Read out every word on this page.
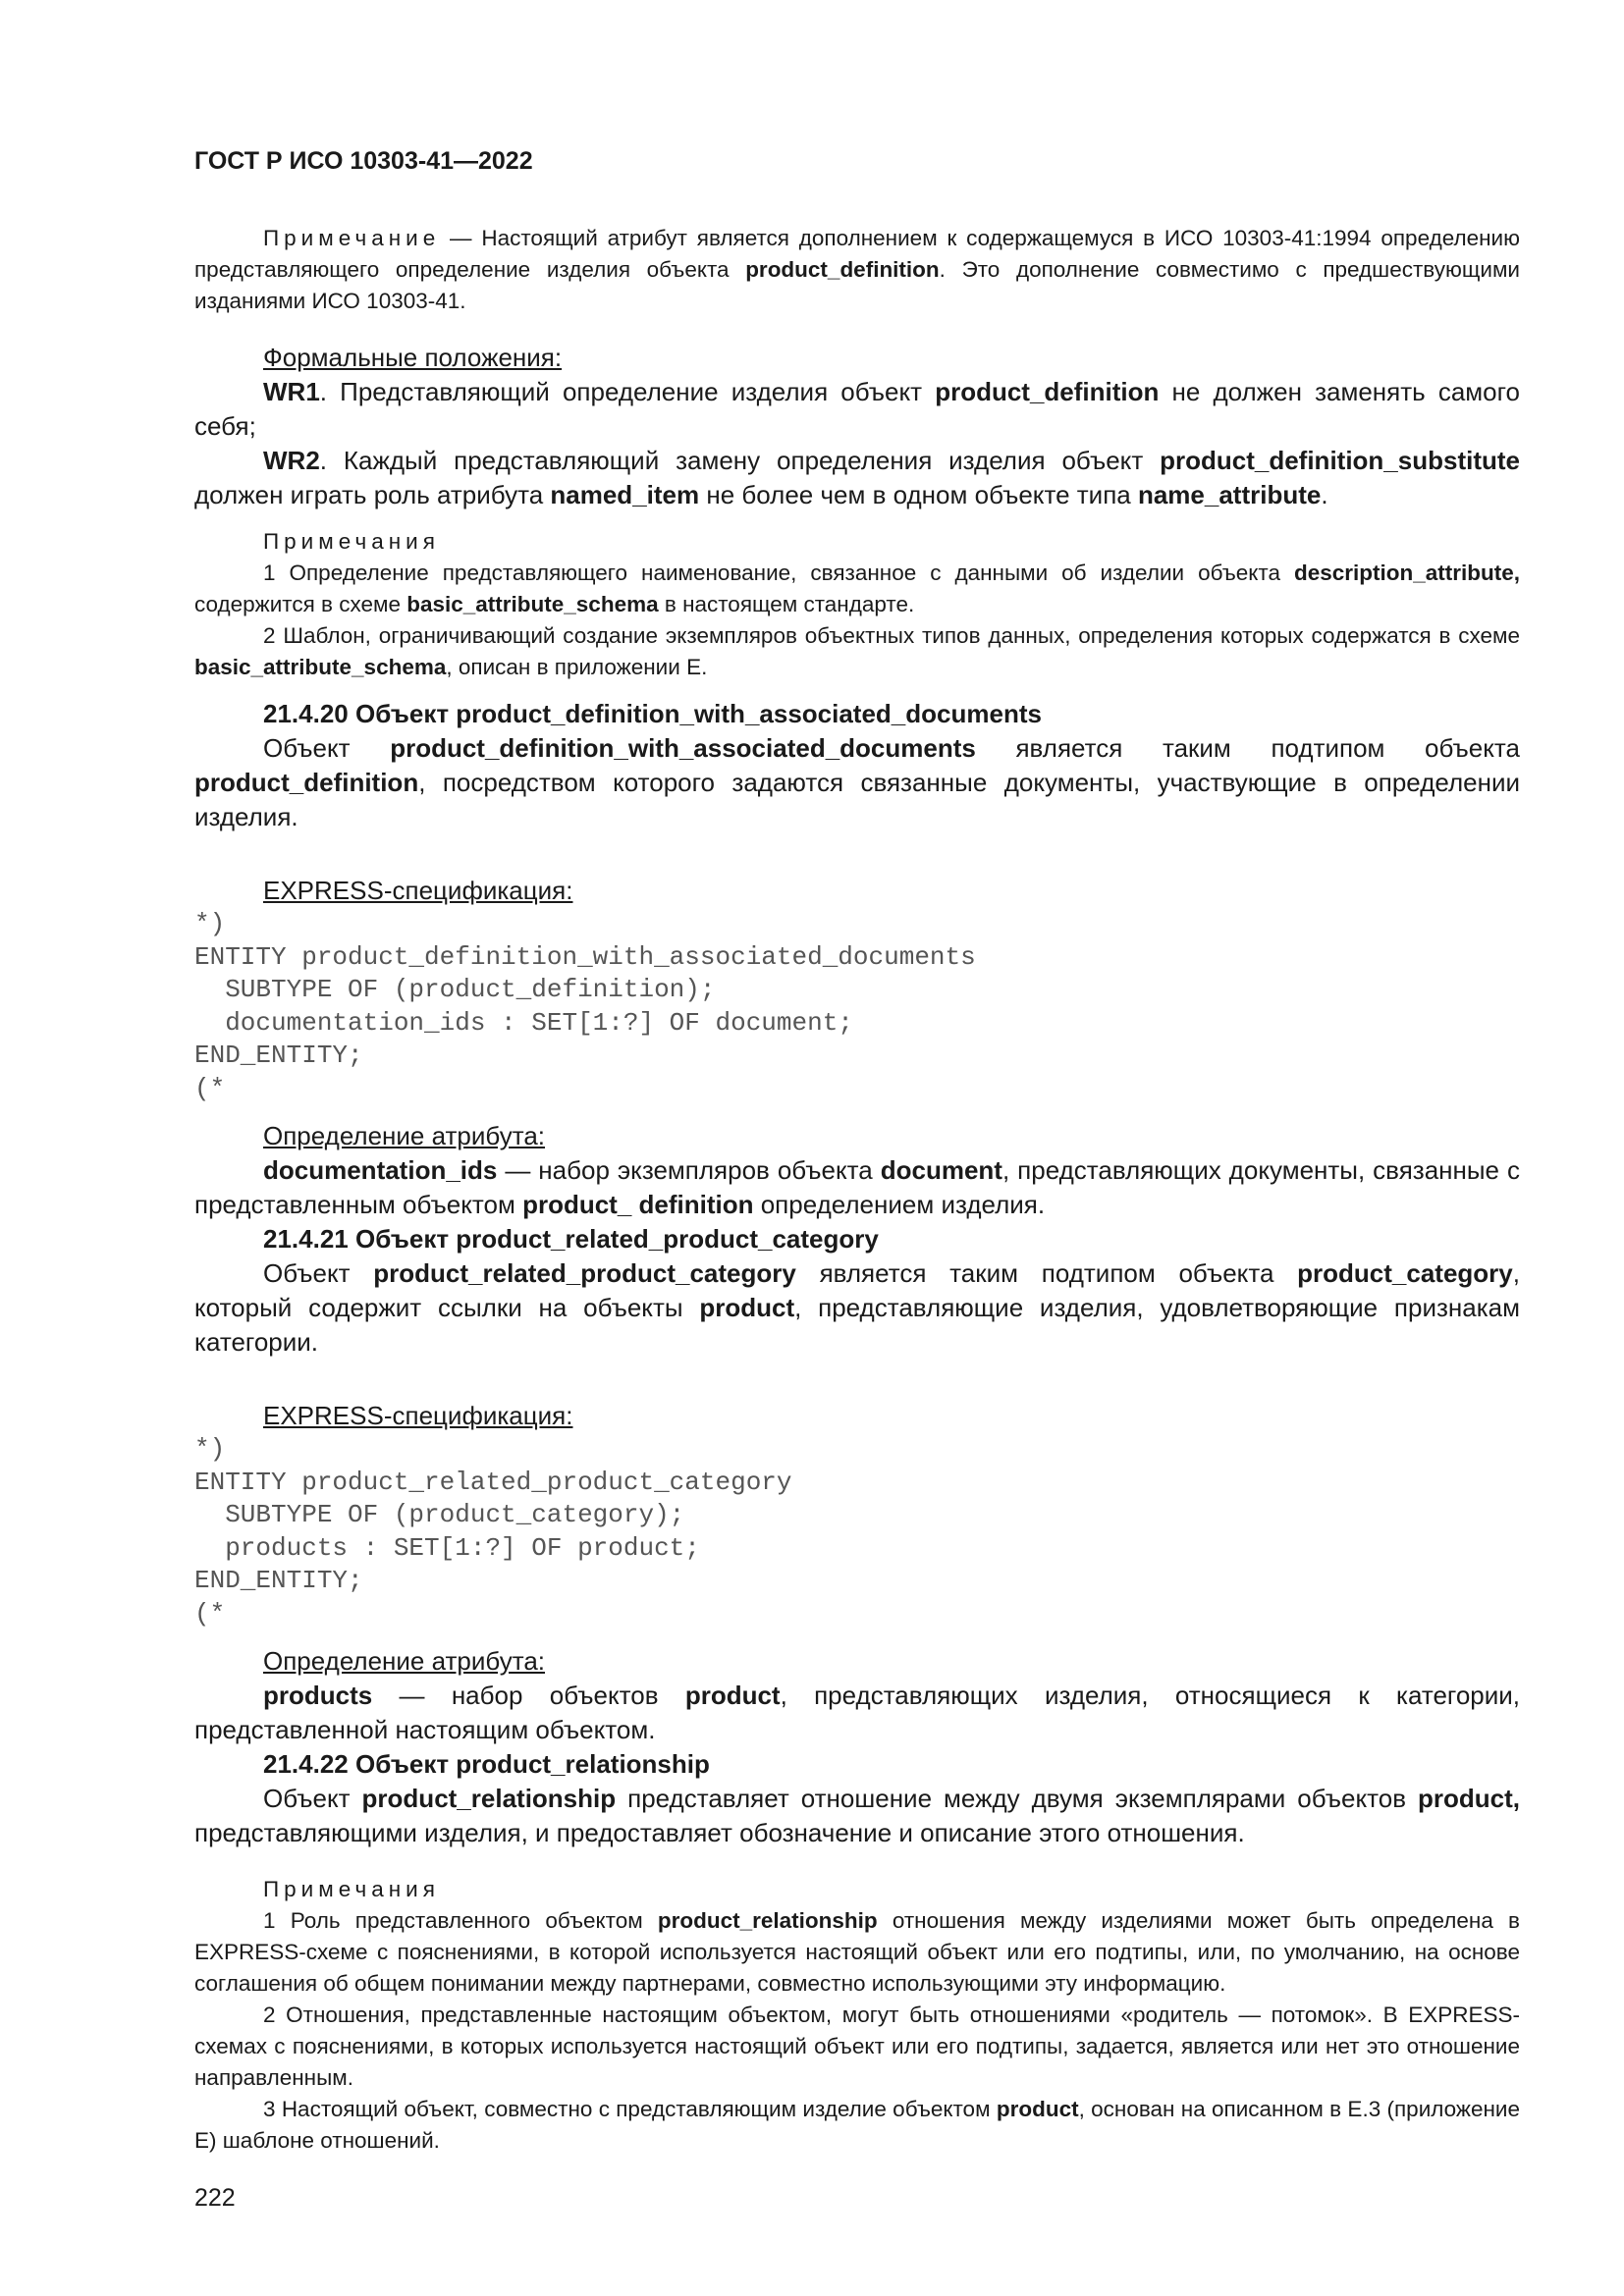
ГОСТ Р ИСО 10303-41—2022

Примечание — Настоящий атрибут является дополнением к содержащемуся в ИСО 10303-41:1994 определению представляющего определение изделия объекта product_definition. Это дополнение совместимо с предшествующими изданиями ИСО 10303-41.

Формальные положения:

WR1. Представляющий определение изделия объект product_definition не должен заменять самого себя;

WR2. Каждый представляющий замену определения изделия объект product_definition_substitute должен играть роль атрибута named_item не более чем в одном объекте типа name_attribute.

Примечания

1 Определение представляющего наименование, связанное с данными об изделии объекта description_attribute, содержится в схеме basic_attribute_schema в настоящем стандарте.

2 Шаблон, ограничивающий создание экземпляров объектных типов данных, определения которых содержатся в схеме basic_attribute_schema, описан в приложении E.

21.4.20 Объект product_definition_with_associated_documents

Объект product_definition_with_associated_documents является таким подтипом объекта product_definition, посредством которого задаются связанные документы, участвующие в определении изделия.

EXPRESS-спецификация:

*)

ENTITY product_definition_with_associated_documents

SUBTYPE OF (product_definition);

documentation_ids : SET[1:?] OF document;

END_ENTITY;

(*

Определение атрибута:

documentation_ids — набор экземпляров объекта document, представляющих документы, связанные с представленным объектом product_ definition определением изделия.

21.4.21 Объект product_related_product_category

Объект product_related_product_category является таким подтипом объекта product_category, который содержит ссылки на объекты product, представляющие изделия, удовлетворяющие признакам категории.

EXPRESS-спецификация:

*)

ENTITY product_related_product_category

SUBTYPE OF (product_category);

products : SET[1:?] OF product;

END_ENTITY;

(*

Определение атрибута:

products — набор объектов product, представляющих изделия, относящиеся к категории, представленной настоящим объектом.

21.4.22 Объект product_relationship

Объект product_relationship представляет отношение между двумя экземплярами объектов product, представляющими изделия, и предоставляет обозначение и описание этого отношения.

Примечания

1 Роль представленного объектом product_relationship отношения между изделиями может быть определена в EXPRESS-схеме с пояснениями, в которой используется настоящий объект или его подтипы, или, по умолчанию, на основе соглашения об общем понимании между партнерами, совместно использующими эту информацию.

2 Отношения, представленные настоящим объектом, могут быть отношениями «родитель — потомок». В EXPRESS-схемах с пояснениями, в которых используется настоящий объект или его подтипы, задается, является или нет это отношение направленным.

3 Настоящий объект, совместно с представляющим изделие объектом product, основан на описанном в E.3 (приложение E) шаблоне отношений.

222
